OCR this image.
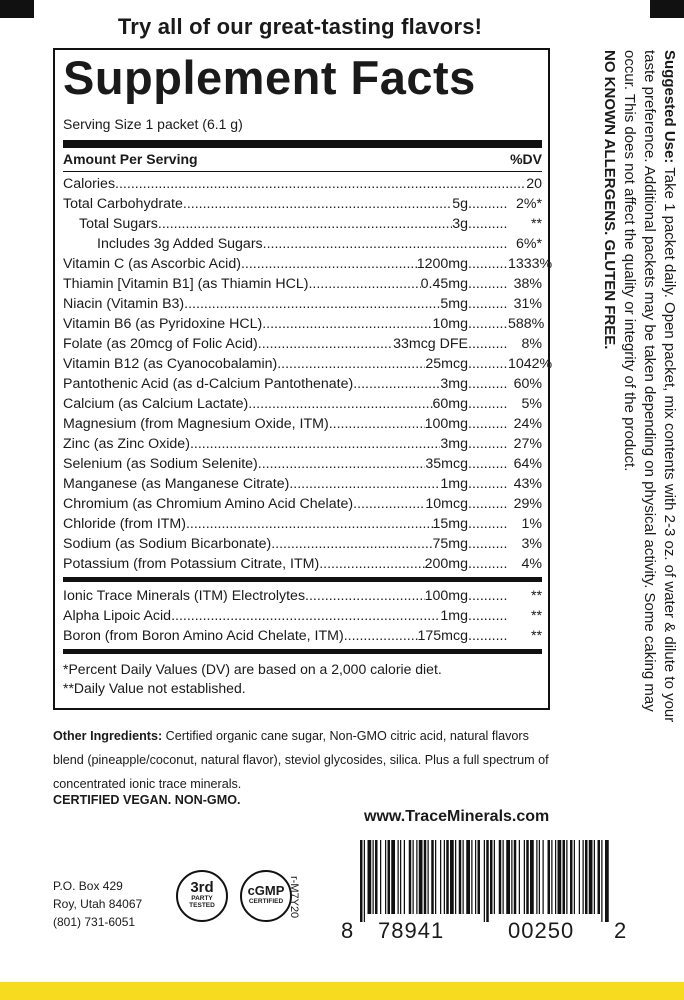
Try all of our great-tasting flavors!
Supplement Facts
Serving Size 1 packet (6.1 g)
Amount Per Serving	%DV
Calories .....	20
Total Carbohydrate .....	5g .....	2%*
Total Sugars .....	3g .....	**
Includes 3g Added Sugars ..... .....	6%*
Vitamin C (as Ascorbic Acid) .....	1200mg .....	1333%
Thiamin [Vitamin B1] (as Thiamin HCL) .....	0.45mg .....	38%
Niacin (Vitamin B3) .....	5mg .....	31%
Vitamin B6 (as Pyridoxine HCL) .....	10mg .....	588%
Folate (as 20mcg of Folic Acid) .....	33mcg DFE .....	8%
Vitamin B12 (as Cyanocobalamin) .....	25mcg .....	1042%
Pantothenic Acid (as d-Calcium Pantothenate) .....	3mg .....	60%
Calcium (as Calcium Lactate) .....	60mg .....	5%
Magnesium (from Magnesium Oxide, ITM) .....	100mg .....	24%
Zinc (as Zinc Oxide) .....	3mg .....	27%
Selenium (as Sodium Selenite) .....	35mcg .....	64%
Manganese (as Manganese Citrate) .....	1mg .....	43%
Chromium (as Chromium Amino Acid Chelate) .....	10mcg .....	29%
Chloride (from ITM) .....	15mg .....	1%
Sodium (as Sodium Bicarbonate) .....	75mg .....	3%
Potassium (from Potassium Citrate, ITM) .....	200mg .....	4%
Ionic Trace Minerals (ITM) Electrolytes .....	100mg .....	**
Alpha Lipoic Acid .....	1mg .....	**
Boron (from Boron Amino Acid Chelate, ITM) .....	175mcg .....	**
*Percent Daily Values (DV) are based on a 2,000 calorie diet.
**Daily Value not established.
Other Ingredients: Certified organic cane sugar, Non-GMO citric acid, natural flavors blend (pineapple/coconut, natural flavor), steviol glycosides, silica. Plus a full spectrum of concentrated ionic trace minerals.
CERTIFIED VEGAN. NON-GMO.
www.TraceMinerals.com
P.O. Box 429
Roy, Utah 84067
(801) 731-6051
3rd
PARTY
TESTED
cGMP
CERTIFIED r-M7Y20
8 78941	00250 2
Suggested Use: Take 1 packet daily. Open packet, mix contents with 2-3 oz. of water & dilute to your taste preference. Additional packets may be taken depending on physical activity. Some caking may occur. This does not affect the quality or integrity of the product.
NO KNOWN ALLERGENS. GLUTEN FREE.
